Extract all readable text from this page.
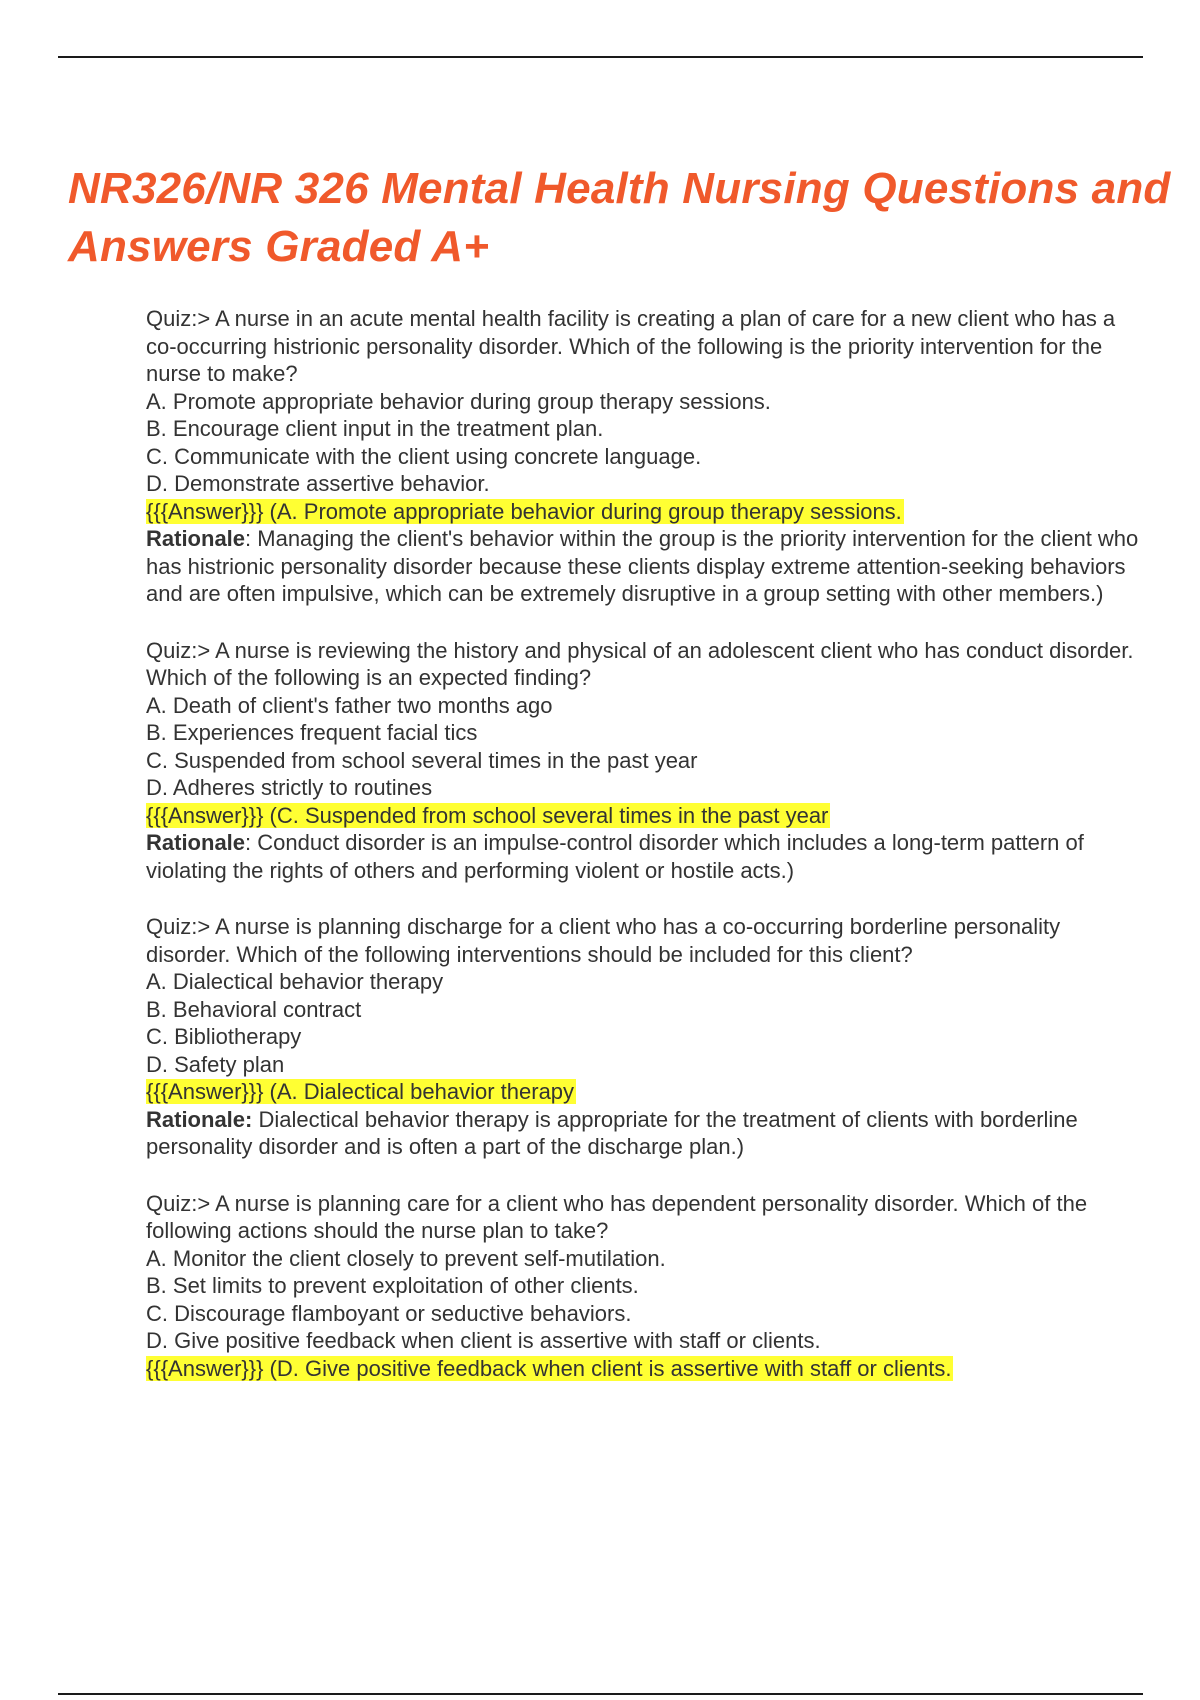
NR326/NR 326 Mental Health Nursing Questions and Answers Graded A+
Quiz:> A nurse in an acute mental health facility is creating a plan of care for a new client who has a co-occurring histrionic personality disorder. Which of the following is the priority intervention for the nurse to make?
A. Promote appropriate behavior during group therapy sessions.
B. Encourage client input in the treatment plan.
C. Communicate with the client using concrete language.
D. Demonstrate assertive behavior.
{{{Answer}}} (A. Promote appropriate behavior during group therapy sessions.
Rationale: Managing the client's behavior within the group is the priority intervention for the client who has histrionic personality disorder because these clients display extreme attention-seeking behaviors and are often impulsive, which can be extremely disruptive in a group setting with other members.)
Quiz:> A nurse is reviewing the history and physical of an adolescent client who has conduct disorder. Which of the following is an expected finding?
A. Death of client's father two months ago
B. Experiences frequent facial tics
C. Suspended from school several times in the past year
D. Adheres strictly to routines
{{{Answer}}} (C. Suspended from school several times in the past year
Rationale: Conduct disorder is an impulse-control disorder which includes a long-term pattern of violating the rights of others and performing violent or hostile acts.)
Quiz:> A nurse is planning discharge for a client who has a co-occurring borderline personality disorder. Which of the following interventions should be included for this client?
A. Dialectical behavior therapy
B. Behavioral contract
C. Bibliotherapy
D. Safety plan
{{{Answer}}} (A. Dialectical behavior therapy
Rationale: Dialectical behavior therapy is appropriate for the treatment of clients with borderline personality disorder and is often a part of the discharge plan.)
Quiz:> A nurse is planning care for a client who has dependent personality disorder. Which of the following actions should the nurse plan to take?
A. Monitor the client closely to prevent self-mutilation.
B. Set limits to prevent exploitation of other clients.
C. Discourage flamboyant or seductive behaviors.
D. Give positive feedback when client is assertive with staff or clients.
{{{Answer}}} (D. Give positive feedback when client is assertive with staff or clients.
